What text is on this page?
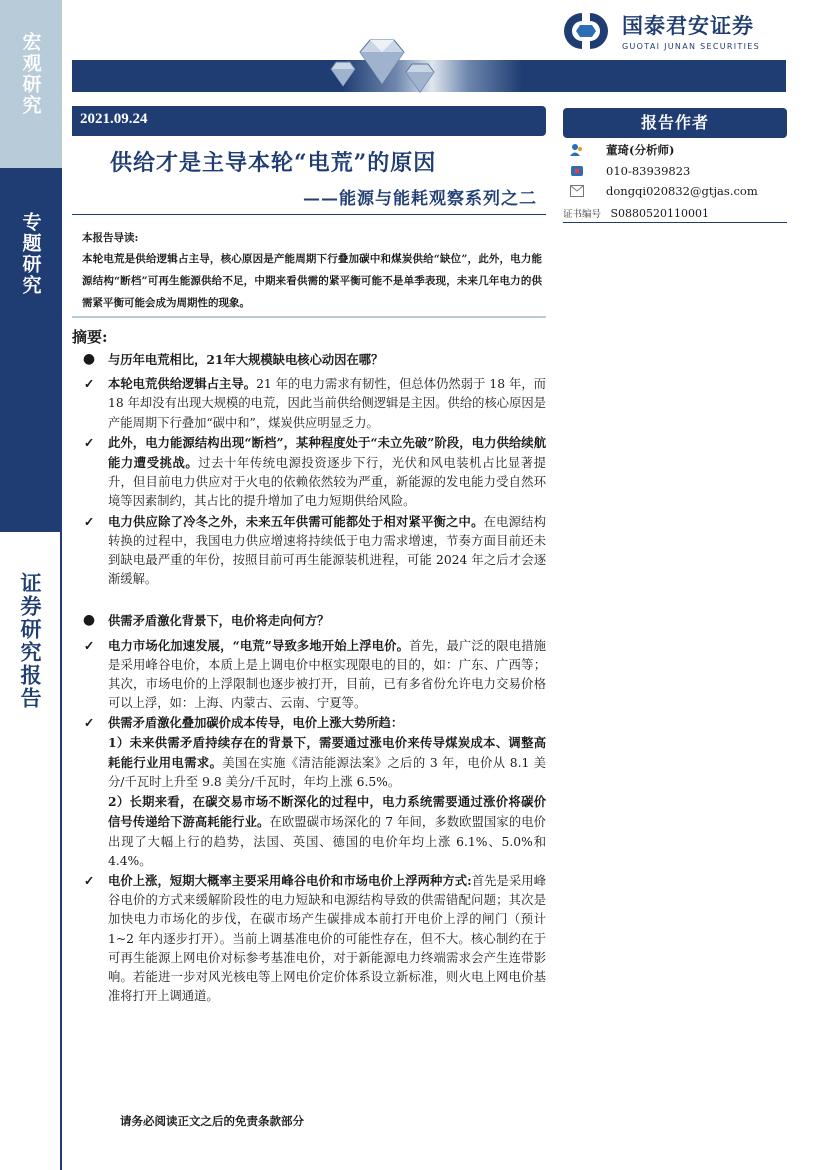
宏观研究
专题研究
证券研究报告
国泰君安证券
GUOTAI JUNAN SECURITIES
2021.09.24
供给才是主导本轮“电荒”的原因
——能源与能耗观察系列之二
报告作者
董琦(分析师)
010-83939823
dongqi020832@gtjas.com
证书编号 S0880520110001
本报告导读:
本轮电荒是供给逻辑占主导，核心原因是产能周期下行叠加碳中和煤炭供给“缺位”，此外，电力能源结构“断档”可再生能源供给不足，中期来看供需的紧平衡可能不是单季表现，未来几年电力的供需紧平衡可能会成为周期性的现象。
摘要:
● 与历年电荒相比，21年大规模缺电核心动因在哪？
✓	本轮电荒供给逻辑占主导。21 年的电力需求有韧性，但总体仍然弱于 18 年，而 18 年却没有出现大规模的电荒，因此当前供给侧逻辑是主因。供给的核心原因是产能周期下行叠加“碳中和”，煤炭供应明显乏力。
✓	此外，电力能源结构出现“断档”，某种程度处于“未立先破”阶段，电力供给续航能力遭受挑战。过去十年传统电源投资逐步下行，光伏和风电装机占比显著提升，但目前电力供应对于火电的依赖依然较为严重，新能源的发电能力受自然环境等因素制约，其占比的提升增加了电力短期供给风险。
✓	电力供应除了冷冬之外，未来五年供需可能都处于相对紧平衡之中。在电源结构转换的过程中，我国电力供应增速将持续低于电力需求增速，节奏方面目前还未到缺电最严重的年份，按照目前可再生能源装机进程，可能 2024 年之后才会逐渐缓解。
● 供需矛盾激化背景下，电价将走向何方？
✓	电力市场化加速发展，“电荒”导致多地开始上浮电价。首先，最广泛的限电措施是采用峰谷电价，本质上是上调电价中枢实现限电的目的，如：广东、广西等；其次，市场电价的上浮限制也逐步被打开，目前，已有多省份允许电力交易价格可以上浮，如：上海、内蒙古、云南、宁夏等。
✓	供需矛盾激化叠加碳价成本传导，电价上涨大势所趋：
1）未来供需矛盾持续存在的背景下，需要通过涨电价来传导煤炭成本、调整高耗能行业用电需求。美国在实施《清洁能源法案》之后的 3 年，电价从 8.1 美分/千瓦时上升至 9.8 美分/千瓦时，年均上涨 6.5%。
2）长期来看，在碳交易市场不断深化的过程中，电力系统需要通过涨价将碳价信号传递给下游高耗能行业。在欧盟碳市场深化的 7 年间，多数欧盟国家的电价出现了大幅上行的趋势，法国、英国、德国的电价年均上涨 6.1%、5.0%和 4.4%。
✓	电价上涨，短期大概率主要采用峰谷电价和市场电价上浮两种方式:首先是采用峰谷电价的方式来缓解阶段性的电力短缺和电源结构导致的供需错配问题；其次是加快电力市场化的步伐，在碳市场产生碳排成本前打开电价上浮的闸门（预计 1~2 年内逐步打开）。当前上调基准电价的可能性存在，但不大。核心制约在于可再生能源上网电价对标参考基准电价，对于新能源电力终端需求会产生连带影响。若能进一步对风光核电等上网电价定价体系设立新标准，则火电上网电价基准将打开上调通道。
请务必阅读正文之后的免责条款部分
